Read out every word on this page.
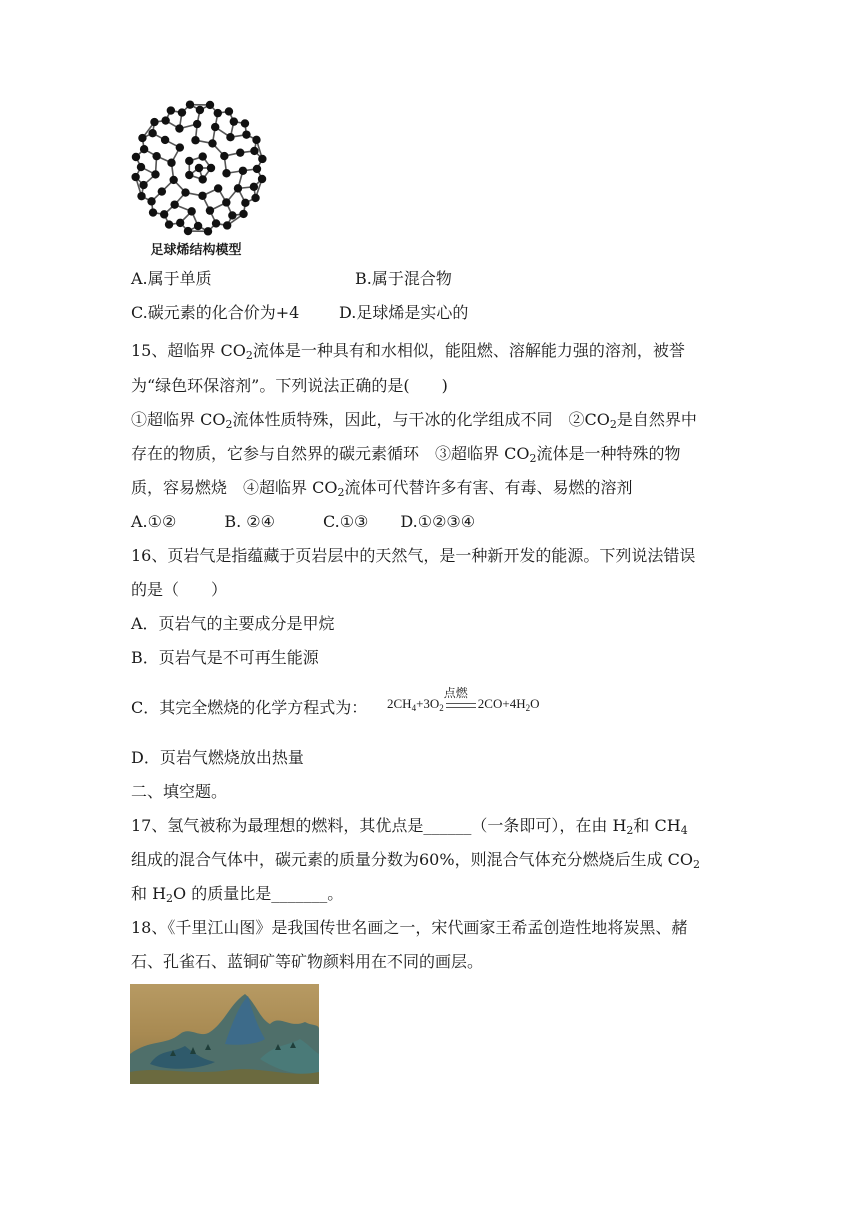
足球烯结构模型
A.属于单质	B.属于混合物
C.碳元素的化合价为+4 D.足球烯是实心的
15、超临界 $CO_2$流体是一种具有和水相似，能阻燃、溶解能力强的溶剂，被誉
为“绿色环保溶剂”。下列说法正确的是(　　)
①超临界 $CO_2$流体性质特殊，因此，与干冰的化学组成不同　$②CO_2$是自然界中
存在的物质，它参与自然界的碳元素循环　③超临界 $CO_2$流体是一种特殊的物
质，容易燃烧　④超临界 $CO_2$流体可代替许多有害、有毒、易燃的溶剂
A.①②　　　B. ②④　　　C.①③　　D.①②③④
16、页岩气是指蕴藏于页岩层中的天然气，是一种新开发的能源。下列说法错误
的是（　　）
A．页岩气的主要成分是甲烷
B．页岩气是不可再生能源
C．其完全燃烧的化学方程式为： $2CH_4+3O_2$
点燃
$2CO+4H_2O$
D．页岩气燃烧放出热量
二、填空题。
17、氢气被称为最理想的燃料，其优点是______（一条即可），在由 $H_2$和 $CH_4$
组成的混合气体中，碳元素的质量分数为60%，则混合气体充分燃烧后生成 $CO_2$
和 $H_2O$ 的质量比是_______。
18、《千里江山图》是我国传世名画之一，宋代画家王希孟创造性地将炭黑、赭
石、孔雀石、蓝铜矿等矿物颜料用在不同的画层。
